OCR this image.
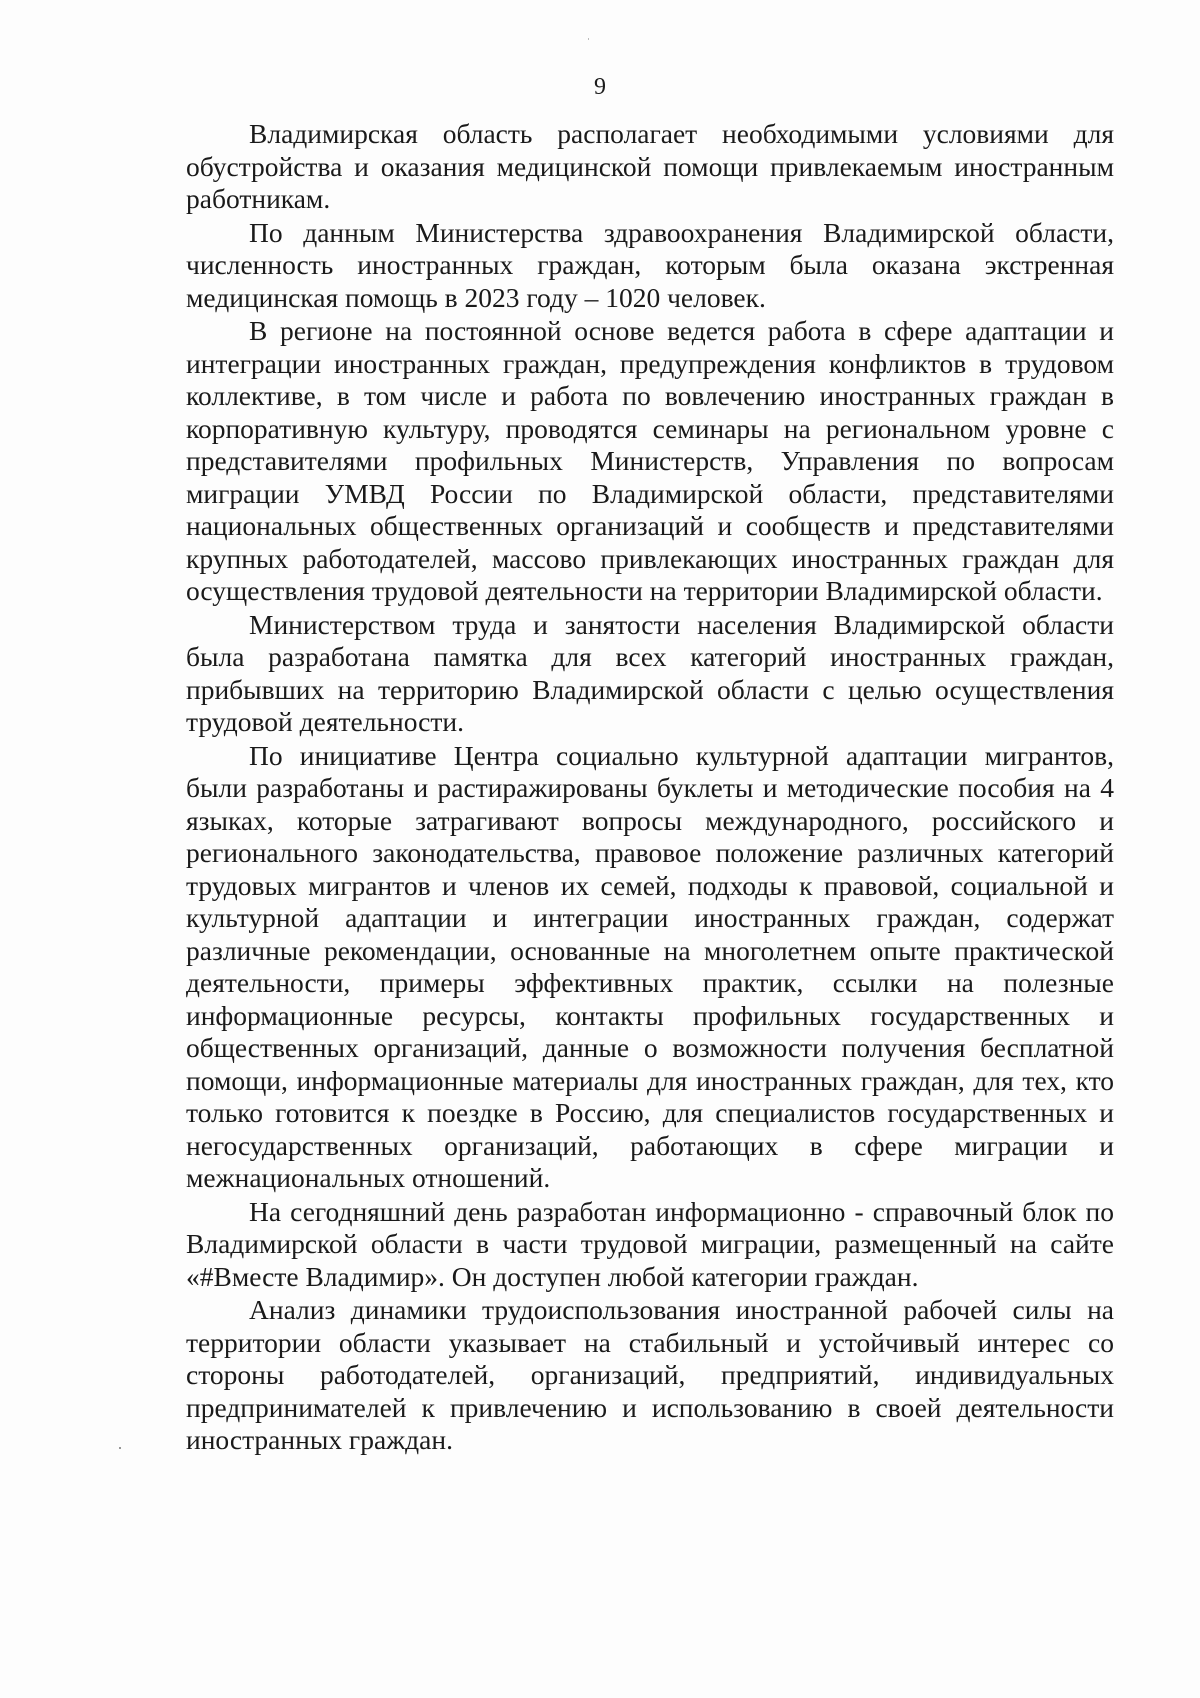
9

Владимирская область располагает необходимыми условиями для обустройства и оказания медицинской помощи привлекаемым иностранным работникам.

По данным Министерства здравоохранения Владимирской области, численность иностранных граждан, которым была оказана экстренная медицинская помощь в 2023 году – 1020 человек.

В регионе на постоянной основе ведется работа в сфере адаптации и интеграции иностранных граждан, предупреждения конфликтов в трудовом коллективе, в том числе и работа по вовлечению иностранных граждан в корпоративную культуру, проводятся семинары на региональном уровне с представителями профильных Министерств, Управления по вопросам миграции УМВД России по Владимирской области, представителями национальных общественных организаций и сообществ и представителями крупных работодателей, массово привлекающих иностранных граждан для осуществления трудовой деятельности на территории Владимирской области.

Министерством труда и занятости населения Владимирской области была разработана памятка для всех категорий иностранных граждан, прибывших на территорию Владимирской области с целью осуществления трудовой деятельности.

По инициативе Центра социально культурной адаптации мигрантов, были разработаны и растиражированы буклеты и методические пособия на 4 языках, которые затрагивают вопросы международного, российского и регионального законодательства, правовое положение различных категорий трудовых мигрантов и членов их семей, подходы к правовой, социальной и культурной адаптации и интеграции иностранных граждан, содержат различные рекомендации, основанные на многолетнем опыте практической деятельности, примеры эффективных практик, ссылки на полезные информационные ресурсы, контакты профильных государственных и общественных организаций, данные о возможности получения бесплатной помощи, информационные материалы для иностранных граждан, для тех, кто только готовится к поездке в Россию, для специалистов государственных и негосударственных организаций, работающих в сфере миграции и межнациональных отношений.

На сегодняшний день разработан информационно - справочный блок по Владимирской области в части трудовой миграции, размещенный на сайте «#Вместе Владимир». Он доступен любой категории граждан.

Анализ динамики трудоиспользования иностранной рабочей силы на территории области указывает на стабильный и устойчивый интерес со стороны работодателей, организаций, предприятий, индивидуальных предпринимателей к привлечению и использованию в своей деятельности иностранных граждан.
